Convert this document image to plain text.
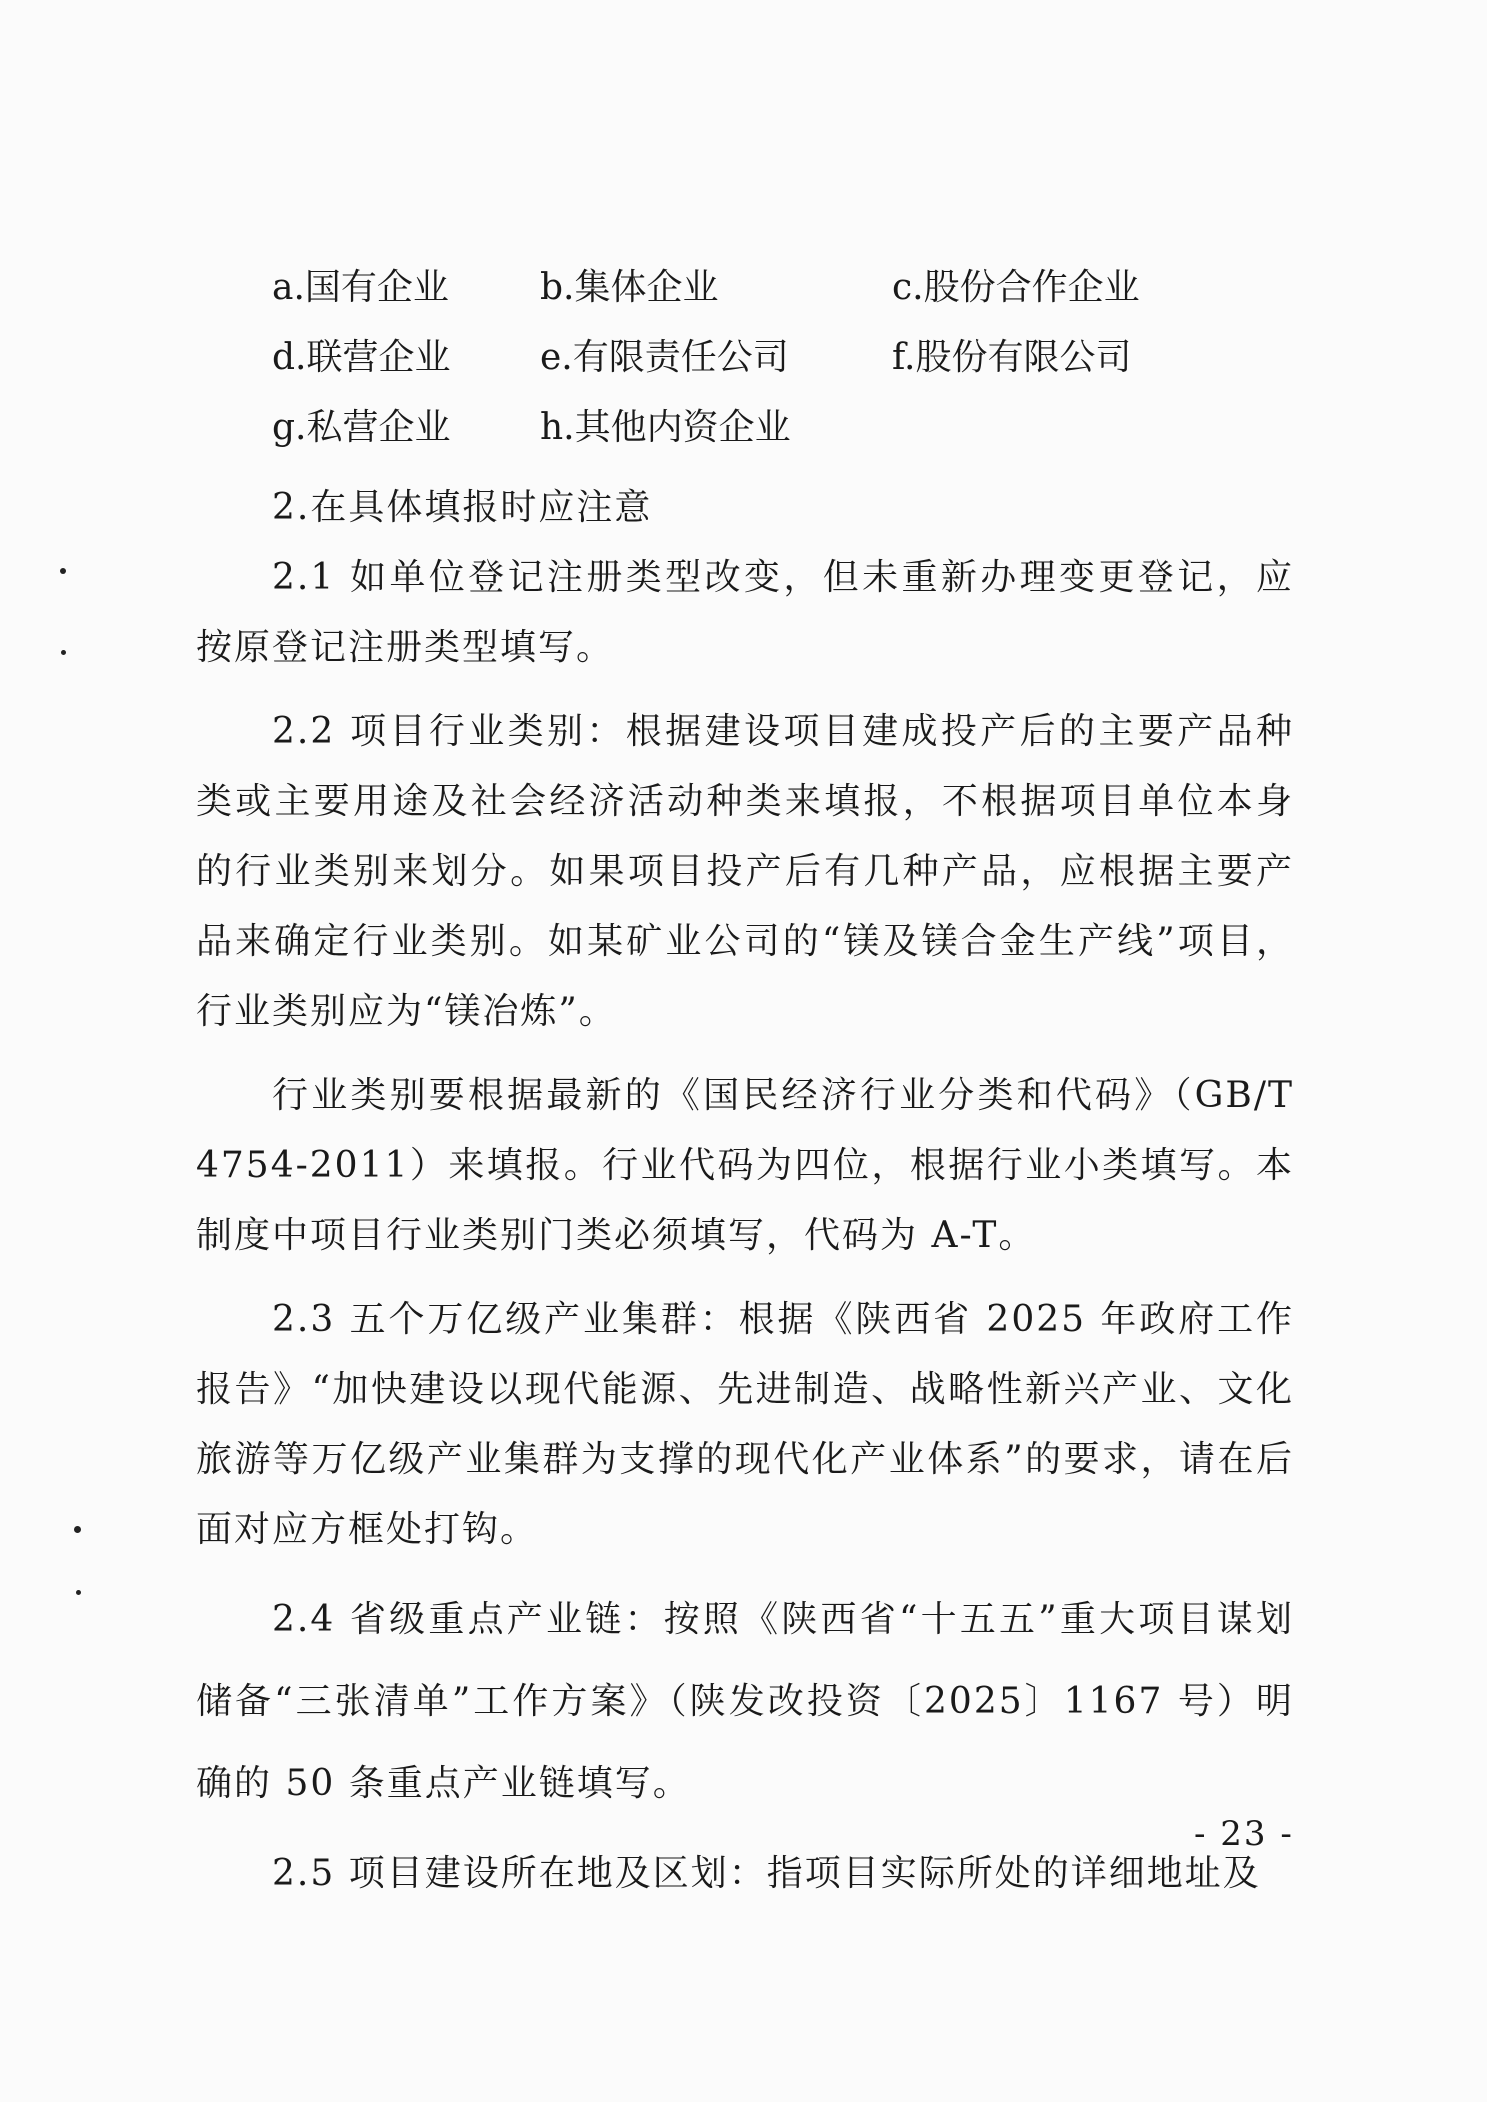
a.国有企业	b.集体企业	c.股份合作企业
d.联营企业 e.有限责任公司	f.股份有限公司
g.私营企业 h.其他内资企业

2.在具体填报时应注意

2.1 如单位登记注册类型改变，但未重新办理变更登记，应按原登记注册类型填写。

2.2 项目行业类别：根据建设项目建成投产后的主要产品种类或主要用途及社会经济活动种类来填报，不根据项目单位本身的行业类别来划分。如果项目投产后有几种产品，应根据主要产品来确定行业类别。如某矿业公司的“镁及镁合金生产线”项目，行业类别应为“镁冶炼”。

行业类别要根据最新的《国民经济行业分类和代码》（GB/T 4754-2011）来填报。行业代码为四位，根据行业小类填写。本制度中项目行业类别门类必须填写，代码为 A-T。

2.3 五个万亿级产业集群：根据《陕西省 2025 年政府工作报告》“加快建设以现代能源、先进制造、战略性新兴产业、文化旅游等万亿级产业集群为支撑的现代化产业体系”的要求，请在后面对应方框处打钩。

2.4 省级重点产业链：按照《陕西省“十五五”重大项目谋划储备“三张清单”工作方案》（陕发改投资〔2025〕1167 号）明确的 50 条重点产业链填写。

2.5 项目建设所在地及区划：指项目实际所处的详细地址及

- 23 -
